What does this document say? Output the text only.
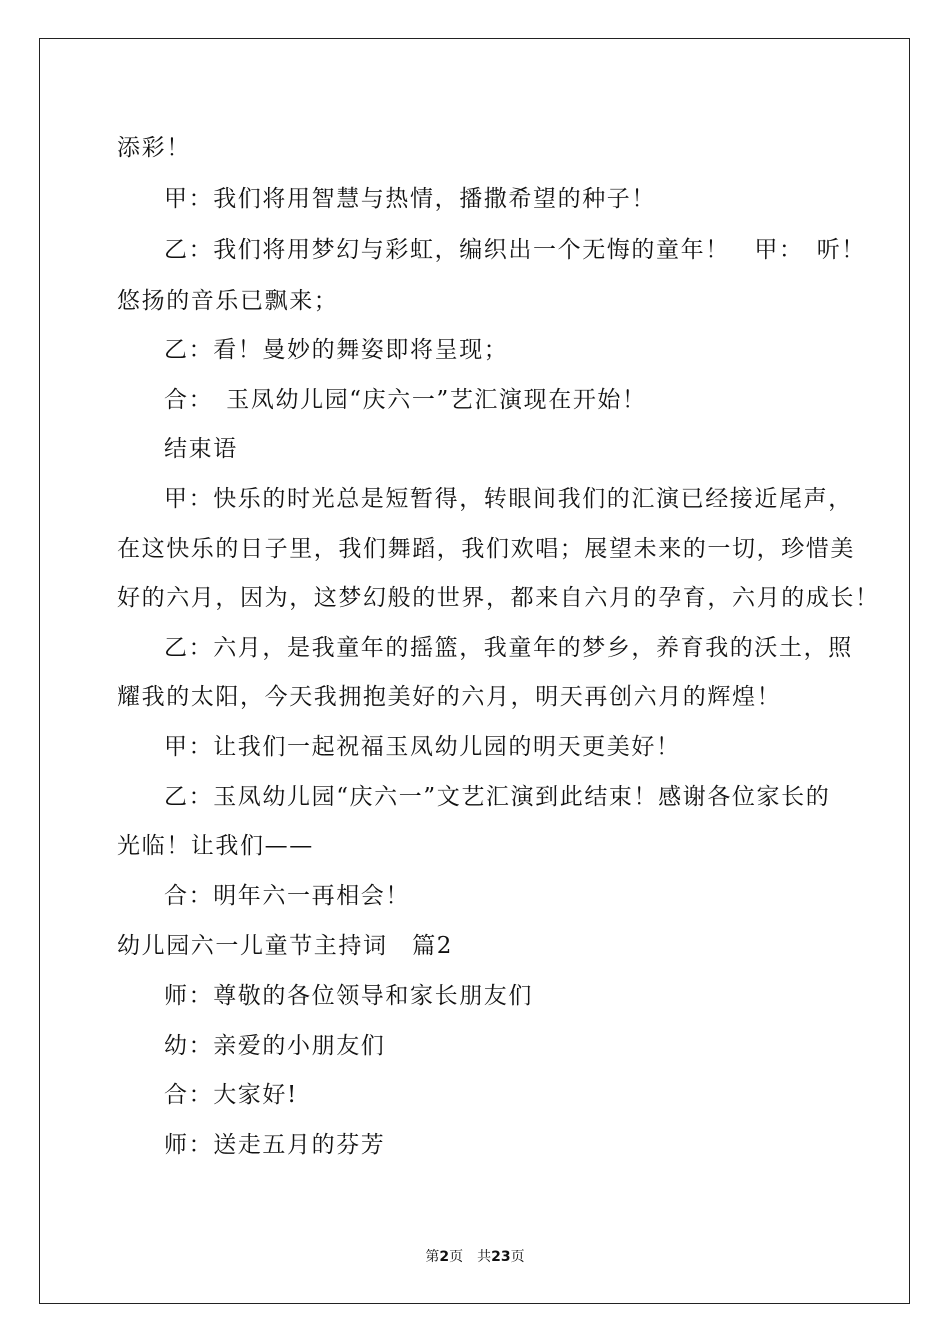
添彩！
甲：我们将用智慧与热情，播撒希望的种子！
乙：我们将用梦幻与彩虹，编织出一个无悔的童年！　甲：　听！
悠扬的音乐已飘来；
乙：看！曼妙的舞姿即将呈现；
合：　玉凤幼儿园“庆六一”艺汇演现在开始！
结束语
甲：快乐的时光总是短暂得，转眼间我们的汇演已经接近尾声，
在这快乐的日子里，我们舞蹈，我们欢唱；展望未来的一切，珍惜美
好的六月，因为，这梦幻般的世界，都来自六月的孕育，六月的成长！
乙：六月，是我童年的摇篮，我童年的梦乡，养育我的沃土，照
耀我的太阳，今天我拥抱美好的六月，明天再创六月的辉煌！
甲：让我们一起祝福玉凤幼儿园的明天更美好！
乙：玉凤幼儿园“庆六一”文艺汇演到此结束！感谢各位家长的
光临！让我们——
合：明年六一再相会！
幼儿园六一儿童节主持词　篇2
师：尊敬的各位领导和家长朋友们
幼：亲爱的小朋友们
合：大家好!
师：送走五月的芬芳
第2页　共23页
